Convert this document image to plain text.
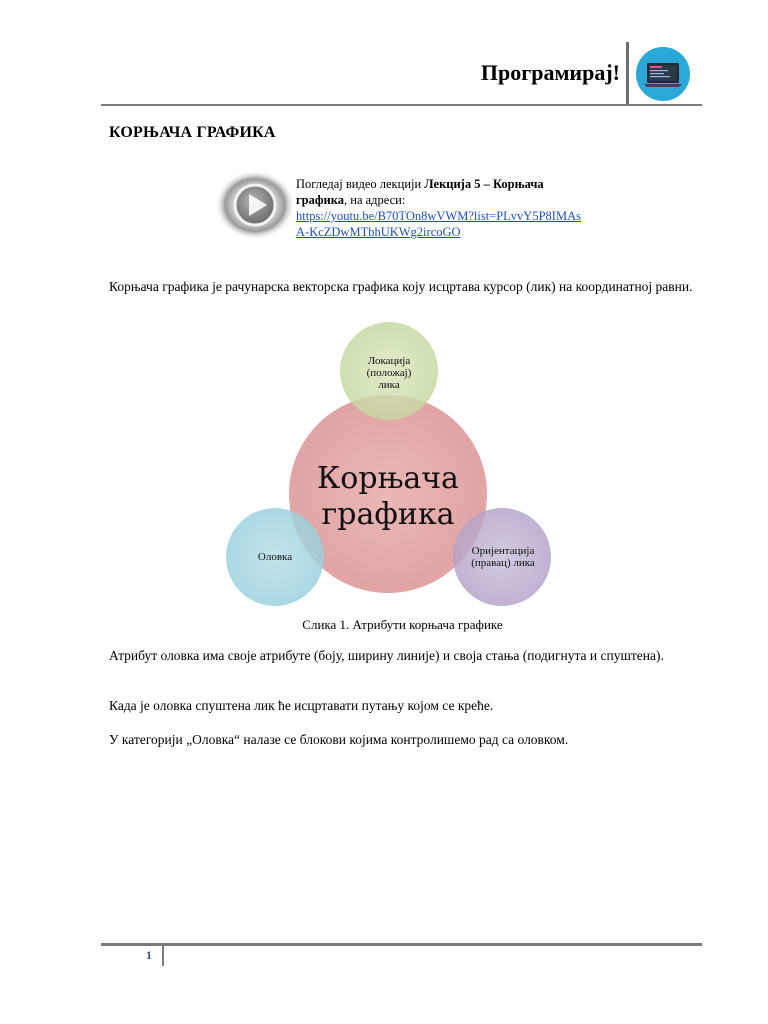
Програмирај!
КОРЊАЧА ГРАФИКА
Погледај видео лекцији Лекција 5 – Корњача графика, на адреси:
https://youtu.be/B70TOn8wVWM?list=PLvvY5P8IMAsA-KcZDwMTbhUKWg2ircoGO
Корњача графика је рачунарска векторска графика коју исцртава курсор (лик) на координатној равни.
Корњача
графика
Локација
(положај)
лика
Оловка	Оријентација
(правац) лика
Слика 1. Атрибути корњача графике
Атрибут оловка има своје атрибуте (боју, ширину линије) и своја стања (подигнута и спуштена).
Када је оловка спуштена лик ће исцртавати путању којом се креће.
У категорији „Оловка“ налазе се блокови којима контролишемо рад са оловком.
1
